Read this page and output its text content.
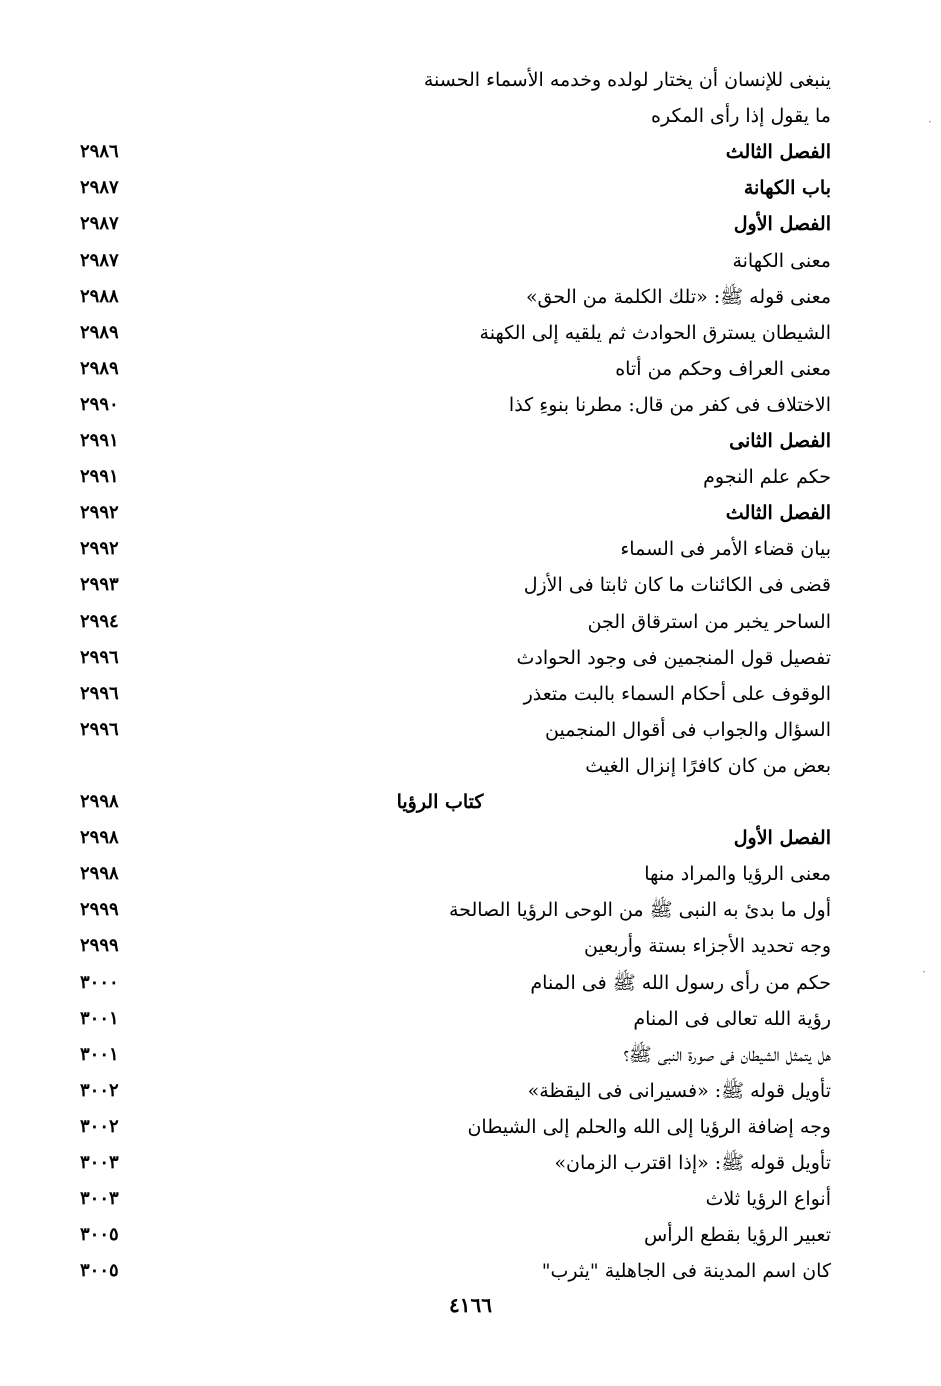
ينبغى للإنسان أن يختار لولده وخدمه الأسماء الحسنة
ما يقول إذا رأى المكره
الفصل الثالث
٢٩٨٦
باب الكهانة
٢٩٨٧
الفصل الأول
٢٩٨٧
معنى الكهانة
٢٩٨٧
معنى قوله ﷺ: «تلك الكلمة من الحق»
٢٩٨٨
الشيطان يسترق الحوادث ثم يلقيه إلى الكهنة
٢٩٨٩
معنى العراف وحكم من أتاه
٢٩٨٩
الاختلاف فى كفر من قال: مطرنا بنوءِ كذا
٢٩٩٠
الفصل الثانى
٢٩٩١
حكم علم النجوم
٢٩٩١
الفصل الثالث
٢٩٩٢
بيان قضاء الأمر فى السماء
٢٩٩٢
قضى فى الكائنات ما كان ثابتا فى الأزل
٢٩٩٣
الساحر يخبر من استرقاق الجن
٢٩٩٤
تفصيل قول المنجمين فى وجود الحوادث
٢٩٩٦
الوقوف على أحكام السماء بالبت متعذر
٢٩٩٦
السؤال والجواب فى أقوال المنجمين
٢٩٩٦
بعض من كان كافرًا إنزال الغيث
كتاب الرؤيا
٢٩٩٨
الفصل الأول
٢٩٩٨
معنى الرؤيا والمراد منها
٢٩٩٨
أول ما بدئ به النبى ﷺ من الوحى الرؤيا الصالحة
٢٩٩٩
وجه تحديد الأجزاء بستة وأربعين
٢٩٩٩
حكم من رأى رسول الله ﷺ فى المنام
٣٠٠٠
رؤية الله تعالى فى المنام
٣٠٠١
هل يتمثل الشيطان فى صورة النبى ﷺ؟
٣٠٠١
تأويل قوله ﷺ: «فسيرانى فى اليقظة»
٣٠٠٢
وجه إضافة الرؤيا إلى الله والحلم إلى الشيطان
٣٠٠٢
تأويل قوله ﷺ: «إذا اقترب الزمان»
٣٠٠٣
أنواع الرؤيا ثلاث
٣٠٠٣
تعبير الرؤيا بقطع الرأس
٣٠٠٥
كان اسم المدينة فى الجاهلية "يثرب"
٣٠٠٥
٤١٦٦
·
·
